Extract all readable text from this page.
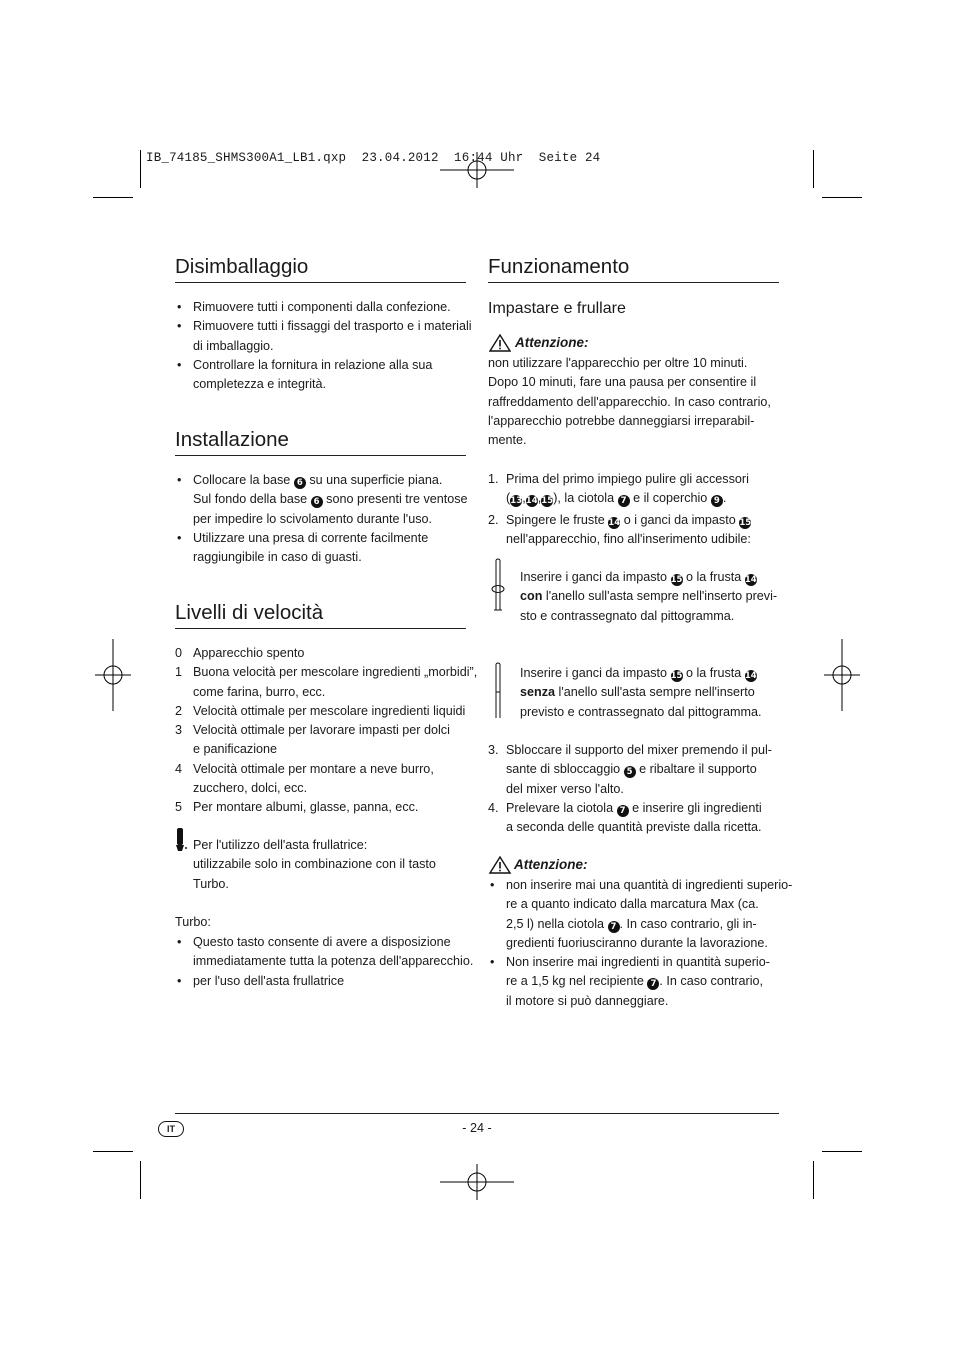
IB_74185_SHMS300A1_LB1.qxp  23.04.2012  16:44 Uhr  Seite 24
Disimballaggio
• Rimuovere tutti i componenti dalla confezione.
• Rimuovere tutti i fissaggi del trasporto e i materiali
di imballaggio.
• Controllare la fornitura in relazione alla sua
completezza e integrità.
Installazione
• Collocare la base 6 su una superficie piana.
Sul fondo della base 6 sono presenti tre ventose
per impedire lo scivolamento durante l'uso.
• Utilizzare una presa di corrente facilmente
raggiungibile in caso di guasti.
Livelli di velocità
0 Apparecchio spento
1 Buona velocità per mescolare ingredienti „morbidi”,
come farina, burro, ecc.
2 Velocità ottimale per mescolare ingredienti liquidi
3 Velocità ottimale per lavorare impasti per dolci
e panificazione
4 Velocità ottimale per montare a neve burro,
zucchero, dolci, ecc.
5 Per montare albumi, glasse, panna, ecc.
Per l'utilizzo dell'asta frullatrice:
utilizzabile solo in combinazione con il tasto
Turbo.
Turbo:
• Questo tasto consente di avere a disposizione
immediatamente tutta la potenza dell'apparecchio.
• per l'uso dell'asta frullatrice
Funzionamento
Impastare e frullare
Attenzione:
non utilizzare l'apparecchio per oltre 10 minuti.
Dopo 10 minuti, fare una pausa per consentire il
raffreddamento dell'apparecchio. In caso contrario,
l'apparecchio potrebbe danneggiarsi irreparabil-
mente.
1. Prima del primo impiego pulire gli accessori
(13,14,15), la ciotola 7 e il coperchio 9 .
2. Spingere le fruste 14 o i ganci da impasto 15
nell'apparecchio, fino all'inserimento udibile:
Inserire i ganci da impasto 15 o la frusta 14
con l'anello sull'asta sempre nell'inserto previ-
sto e contrassegnato dal pittogramma.
Inserire i ganci da impasto 15 o la frusta 14
senza l'anello sull'asta sempre nell'inserto
previsto e contrassegnato dal pittogramma.
3. Sbloccare il supporto del mixer premendo il pul-
sante di sbloccaggio 5 e ribaltare il supporto
del mixer verso l'alto.
4. Prelevare la ciotola 7 e inserire gli ingredienti
a seconda delle quantità previste dalla ricetta.
Attenzione:
• non inserire mai una quantità di ingredienti superio-
re a quanto indicato dalla marcatura Max (ca.
2,5 l) nella ciotola 7 . In caso contrario, gli in-
gredienti fuoriusciranno durante la lavorazione.
• Non inserire mai ingredienti in quantità superio-
re a 1,5 kg nel recipiente 7 . In caso contrario,
il motore si può danneggiare.
IT	- 24 -
